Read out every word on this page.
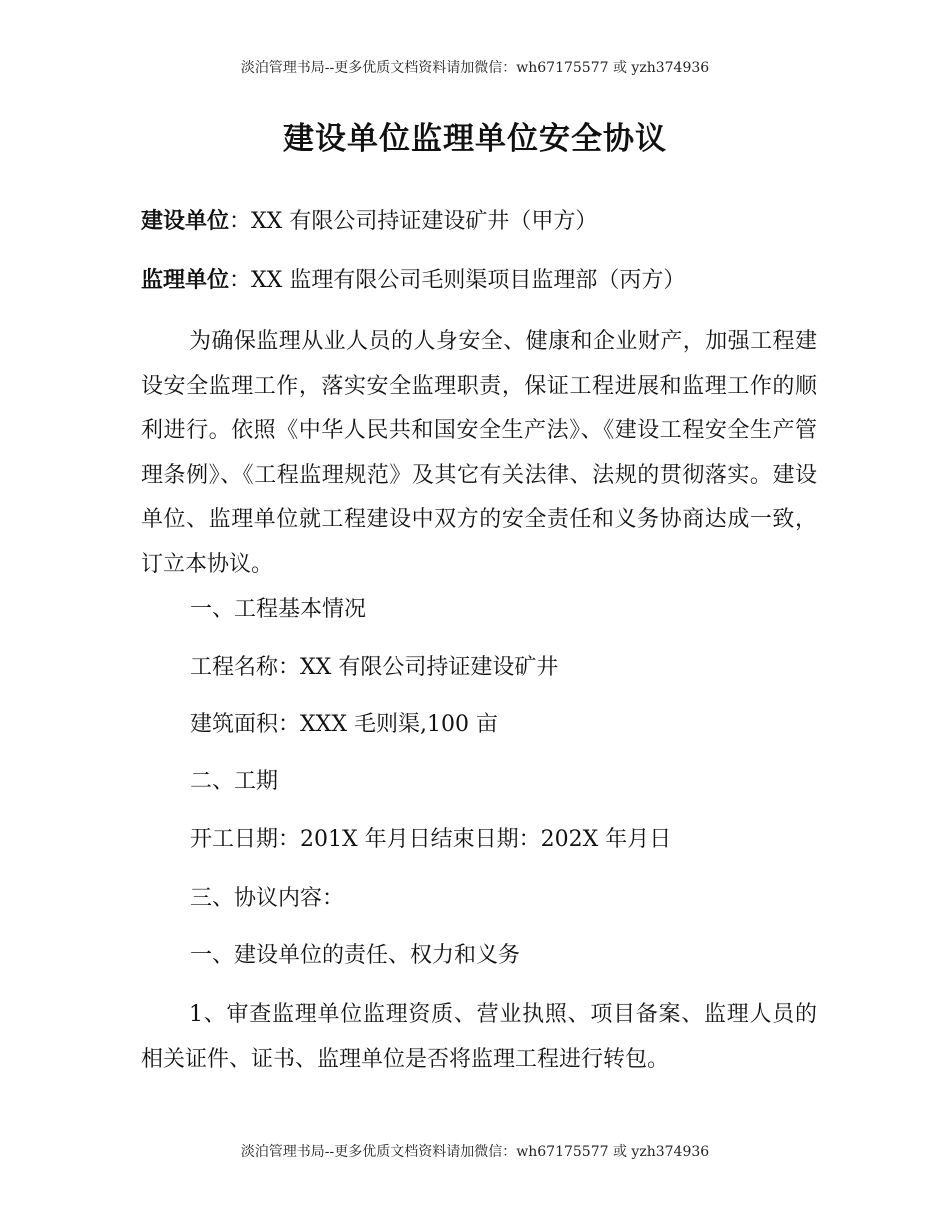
淡泊管理书局--更多优质文档资料请加微信：wh67175577 或 yzh374936
建设单位监理单位安全协议
建设单位：XX 有限公司持证建设矿井（甲方）
监理单位：XX 监理有限公司毛则渠项目监理部（丙方）
为确保监理从业人员的人身安全、健康和企业财产，加强工程建设安全监理工作，落实安全监理职责，保证工程进展和监理工作的顺利进行。依照《中华人民共和国安全生产法》、《建设工程安全生产管理条例》、《工程监理规范》及其它有关法律、法规的贯彻落实。建设单位、监理单位就工程建设中双方的安全责任和义务协商达成一致，订立本协议。
一、工程基本情况
工程名称：XX 有限公司持证建设矿井
建筑面积：XXX 毛则渠,100 亩
二、工期
开工日期：201X 年月日结束日期：202X 年月日
三、协议内容：
一、建设单位的责任、权力和义务
1、审查监理单位监理资质、营业执照、项目备案、监理人员的相关证件、证书、监理单位是否将监理工程进行转包。
淡泊管理书局--更多优质文档资料请加微信：wh67175577 或 yzh374936
